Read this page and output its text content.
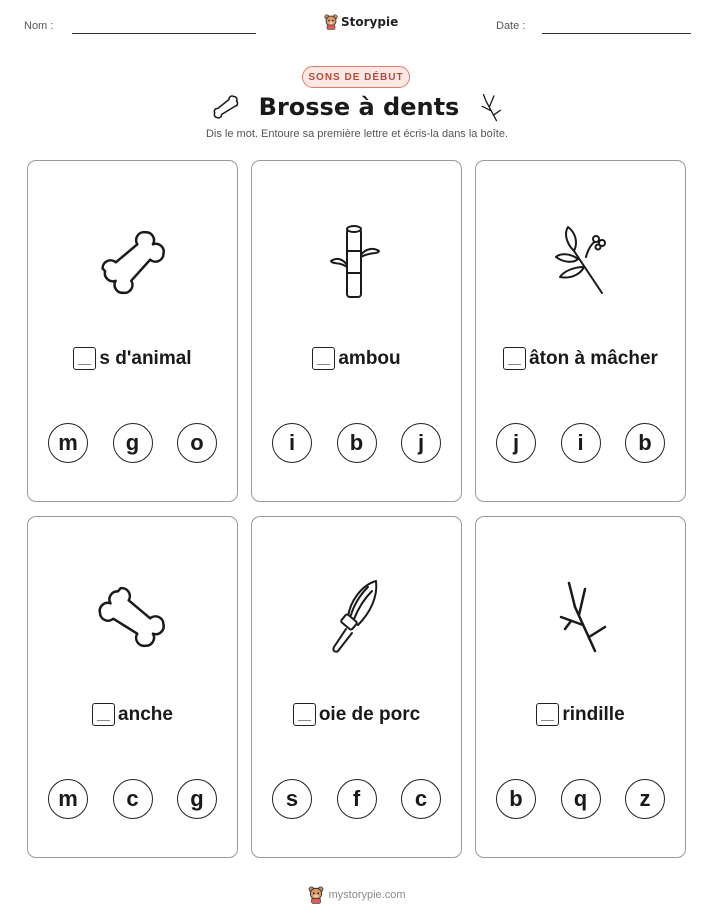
Nom :	Storypie	Date :
SONS DE DÉBUT
Brosse à dents
Dis le mot. Entoure sa première lettre et écris-la dans la boîte.
s d'animal
m	g	o
ambou
i	b	j
âton à mâcher
j	i	b
anche
m	c	g
oie de porc
s	f	c
rindille
b	q	z
mystorypie.com
